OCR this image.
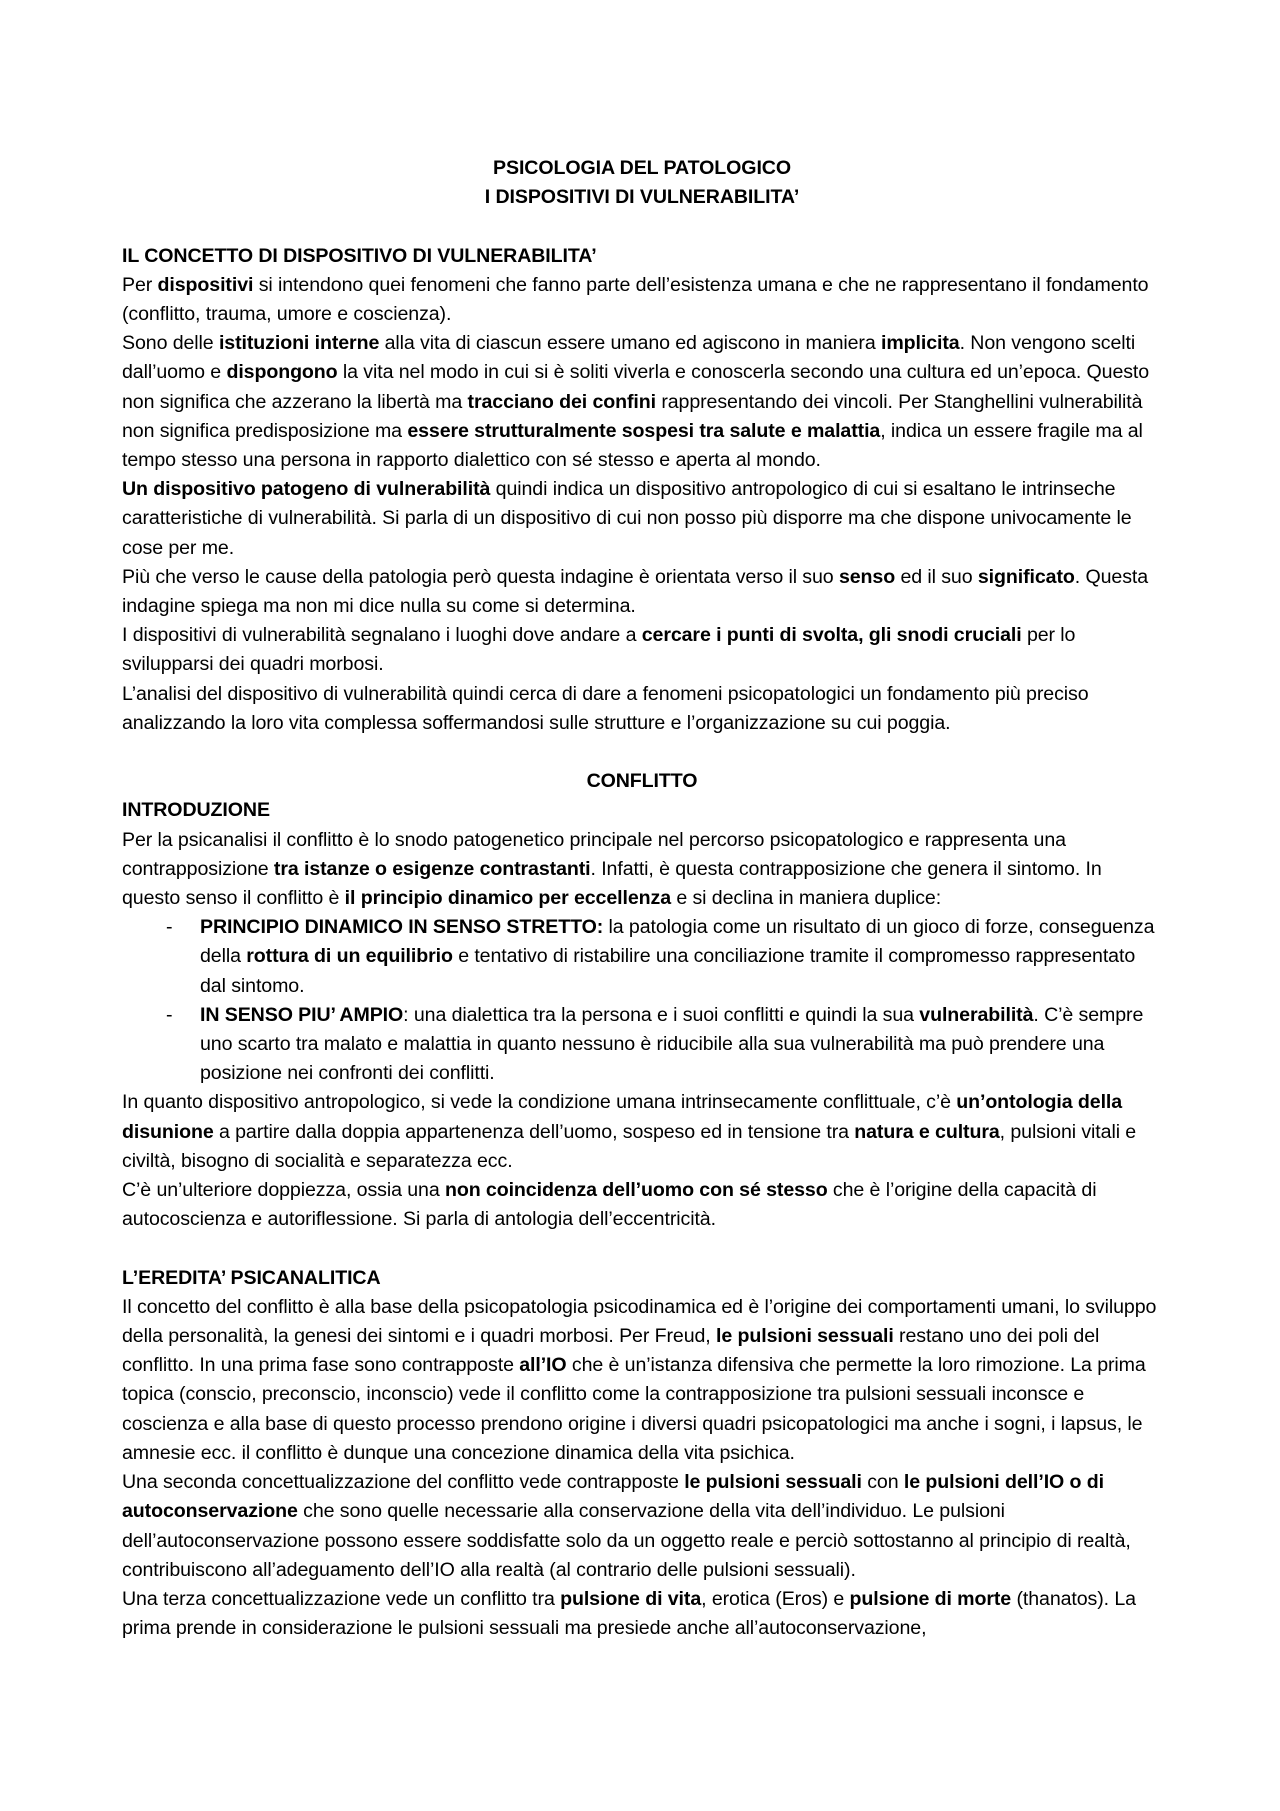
PSICOLOGIA DEL PATOLOGICO
I DISPOSITIVI DI VULNERABILITA’
IL CONCETTO DI DISPOSITIVO DI VULNERABILITA’

Per dispositivi si intendono quei fenomeni che fanno parte dell’esistenza umana e che ne rappresentano il fondamento (conflitto, trauma, umore e coscienza).

Sono delle istituzioni interne alla vita di ciascun essere umano ed agiscono in maniera implicita. Non vengono scelti dall’uomo e dispongono la vita nel modo in cui si è soliti viverla e conoscerla secondo una cultura ed un’epoca. Questo non significa che azzerano la libertà ma tracciano dei confini rappresentando dei vincoli. Per Stanghellini vulnerabilità non significa predisposizione ma essere strutturalmente sospesi tra salute e malattia, indica un essere fragile ma al tempo stesso una persona in rapporto dialettico con sé stesso e aperta al mondo.

Un dispositivo patogeno di vulnerabilità quindi indica un dispositivo antropologico di cui si esaltano le intrinseche caratteristiche di vulnerabilità. Si parla di un dispositivo di cui non posso più disporre ma che dispone univocamente le cose per me.

Più che verso le cause della patologia però questa indagine è orientata verso il suo senso ed il suo significato. Questa indagine spiega ma non mi dice nulla su come si determina.

I dispositivi di vulnerabilità segnalano i luoghi dove andare a cercare i punti di svolta, gli snodi cruciali per lo svilupparsi dei quadri morbosi.

L’analisi del dispositivo di vulnerabilità quindi cerca di dare a fenomeni psicopatologici un fondamento più preciso analizzando la loro vita complessa soffermandosi sulle strutture e l’organizzazione su cui poggia.

CONFLITTO
INTRODUZIONE

Per la psicanalisi il conflitto è lo snodo patogenetico principale nel percorso psicopatologico e rappresenta una contrapposizione tra istanze o esigenze contrastanti. Infatti, è questa contrapposizione che genera il sintomo. In questo senso il conflitto è il principio dinamico per eccellenza e si declina in maniera duplice:

- PRINCIPIO DINAMICO IN SENSO STRETTO: la patologia come un risultato di un gioco di forze, conseguenza della rottura di un equilibrio e tentativo di ristabilire una conciliazione tramite il compromesso rappresentato dal sintomo.
- IN SENSO PIU’ AMPIO: una dialettica tra la persona e i suoi conflitti e quindi la sua vulnerabilità. C’è sempre uno scarto tra malato e malattia in quanto nessuno è riducibile alla sua vulnerabilità ma può prendere una posizione nei confronti dei conflitti.

In quanto dispositivo antropologico, si vede la condizione umana intrinsecamente conflittuale, c’è un’ontologia della disunione a partire dalla doppia appartenenza dell’uomo, sospeso ed in tensione tra natura e cultura, pulsioni vitali e civiltà, bisogno di socialità e separatezza ecc.

C’è un’ulteriore doppiezza, ossia una non coincidenza dell’uomo con sé stesso che è l’origine della capacità di autocoscienza e autoriflessione. Si parla di antologia dell’eccentricità.

L’EREDITA’ PSICANALITICA

Il concetto del conflitto è alla base della psicopatologia psicodinamica ed è l’origine dei comportamenti umani, lo sviluppo della personalità, la genesi dei sintomi e i quadri morbosi. Per Freud, le pulsioni sessuali restano uno dei poli del conflitto. In una prima fase sono contrapposte all’IO che è un’istanza difensiva che permette la loro rimozione. La prima topica (conscio, preconscio, inconscio) vede il conflitto come la contrapposizione tra pulsioni sessuali inconsce e coscienza e alla base di questo processo prendono origine i diversi quadri psicopatologici ma anche i sogni, i lapsus, le amnesie ecc. il conflitto è dunque una concezione dinamica della vita psichica.

Una seconda concettualizzazione del conflitto vede contrapposte le pulsioni sessuali con le pulsioni dell’IO o di autoconservazione che sono quelle necessarie alla conservazione della vita dell’individuo. Le pulsioni dell’autoconservazione possono essere soddisfatte solo da un oggetto reale e perciò sottostanno al principio di realtà, contribuiscono all’adeguamento dell’IO alla realtà (al contrario delle pulsioni sessuali).

Una terza concettualizzazione vede un conflitto tra pulsione di vita, erotica (Eros) e pulsione di morte (thanatos). La prima prende in considerazione le pulsioni sessuali ma presiede anche all’autoconservazione,
